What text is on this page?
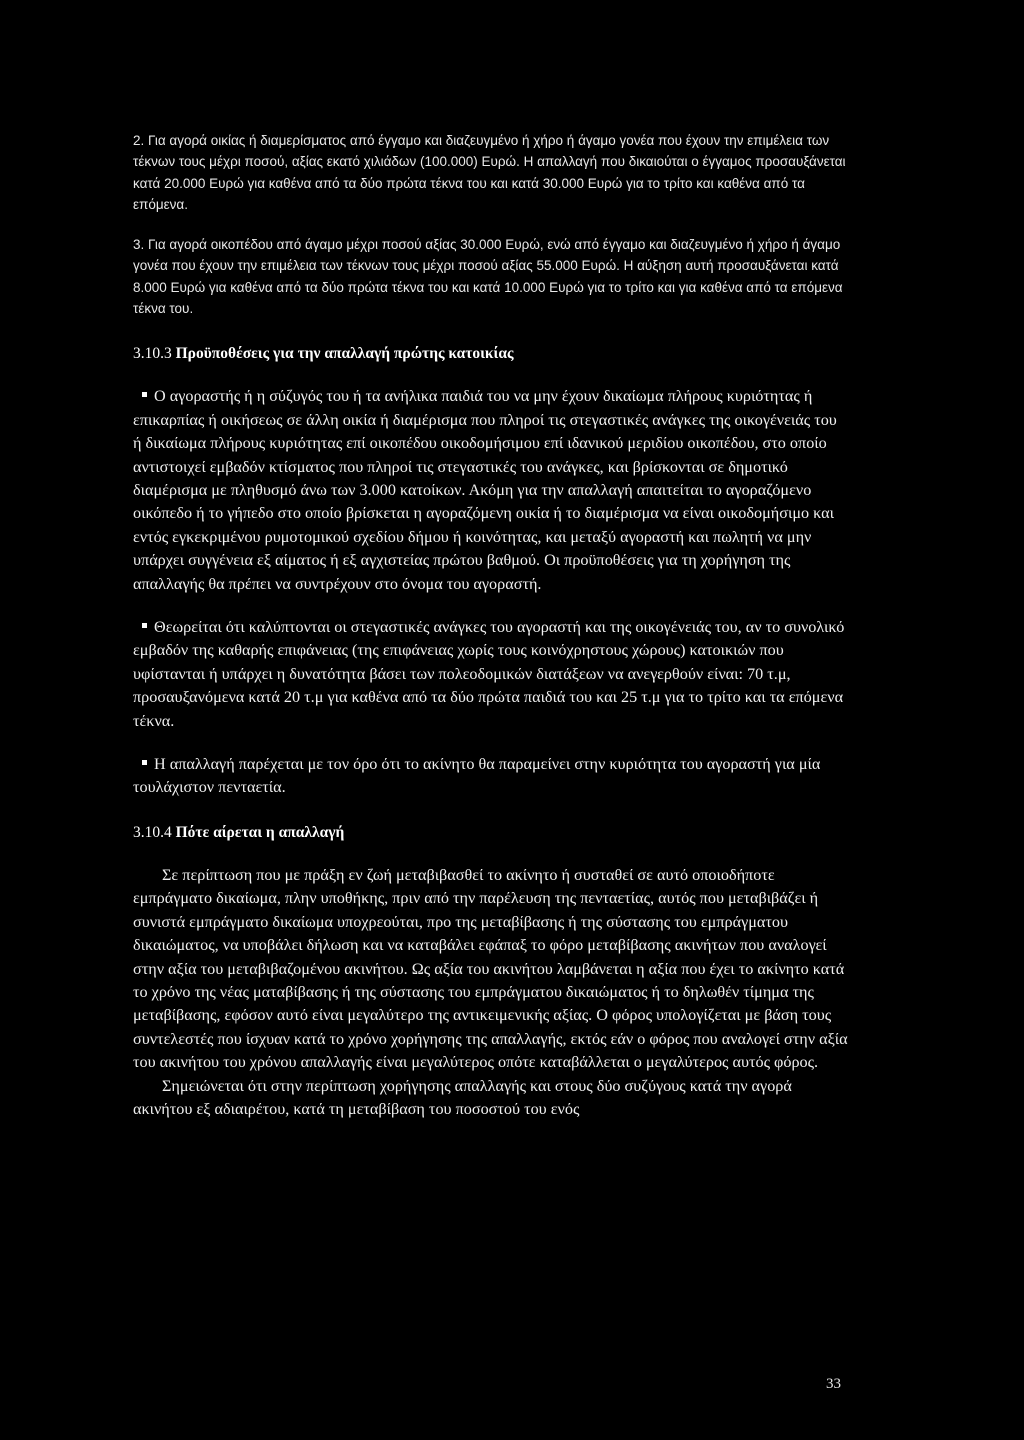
2. Για αγορά οικίας ή διαμερίσματος από έγγαμο και διαζευγμένο ή χήρο ή άγαμο γονέα που έχουν την επιμέλεια των τέκνων τους μέχρι ποσού, αξίας εκατό χιλιάδων (100.000) Ευρώ. Η απαλλαγή που δικαιούται ο έγγαμος προσαυξάνεται κατά 20.000 Ευρώ για καθένα από τα δύο πρώτα τέκνα του και κατά 30.000 Ευρώ για το τρίτο και καθένα από τα επόμενα.

3. Για αγορά οικοπέδου από άγαμο μέχρι ποσού αξίας 30.000 Ευρώ, ενώ από έγγαμο και διαζευγμένο ή χήρο ή άγαμο γονέα που έχουν την επιμέλεια των τέκνων τους μέχρι ποσού αξίας 55.000 Ευρώ. Η αύξηση αυτή προσαυξάνεται κατά 8.000 Ευρώ για καθένα από τα δύο πρώτα τέκνα του και κατά 10.000 Ευρώ για το τρίτο και για καθένα από τα επόμενα τέκνα του.

3.10.3 Προϋποθέσεις για την απαλλαγή πρώτης κατοικίας

Ο αγοραστής ή η σύζυγός του ή τα ανήλικα παιδιά του να μην έχουν δικαίωμα πλήρους κυριότητας ή επικαρπίας ή οικήσεως σε άλλη οικία ή διαμέρισμα που πληροί τις στεγαστικές ανάγκες της οικογένειάς του ή δικαίωμα πλήρους κυριότητας επί οικοπέδου οικοδομήσιμου επί ιδανικού μεριδίου οικοπέδου, στο οποίο αντιστοιχεί εμβαδόν κτίσματος που πληροί τις στεγαστικές του ανάγκες, και βρίσκονται σε δημοτικό διαμέρισμα με πληθυσμό άνω των 3.000 κατοίκων. Ακόμη για την απαλλαγή απαιτείται το αγοραζόμενο οικόπεδο ή το γήπεδο στο οποίο βρίσκεται η αγοραζόμενη οικία ή το διαμέρισμα να είναι οικοδομήσιμο και εντός εγκεκριμένου ρυμοτομικού σχεδίου δήμου ή κοινότητας, και μεταξύ αγοραστή και πωλητή να μην υπάρχει συγγένεια εξ αίματος ή εξ αγχιστείας πρώτου βαθμού. Οι προϋποθέσεις για τη χορήγηση της απαλλαγής θα πρέπει να συντρέχουν στο όνομα του αγοραστή.

Θεωρείται ότι καλύπτονται οι στεγαστικές ανάγκες του αγοραστή και της οικογένειάς του, αν το συνολικό εμβαδόν της καθαρής επιφάνειας (της επιφάνειας χωρίς τους κοινόχρηστους χώρους) κατοικιών που υφίστανται ή υπάρχει η δυνατότητα βάσει των πολεοδομικών διατάξεων να ανεγερθούν είναι: 70 τ.μ, προσαυξανόμενα κατά 20 τ.μ για καθένα από τα δύο πρώτα παιδιά του και 25 τ.μ για το τρίτο και τα επόμενα τέκνα.

Η απαλλαγή παρέχεται με τον όρο ότι το ακίνητο θα παραμείνει στην κυριότητα του αγοραστή για μία τουλάχιστον πενταετία.

3.10.4 Πότε αίρεται η απαλλαγή

Σε περίπτωση που με πράξη εν ζωή μεταβιβασθεί το ακίνητο ή συσταθεί σε αυτό οποιοδήποτε εμπράγματο δικαίωμα, πλην υποθήκης, πριν από την παρέλευση της πενταετίας, αυτός που μεταβιβάζει ή συνιστά εμπράγματο δικαίωμα υποχρεούται, προ της μεταβίβασης ή της σύστασης του εμπράγματου δικαιώματος, να υποβάλει δήλωση και να καταβάλει εφάπαξ το φόρο μεταβίβασης ακινήτων που αναλογεί στην αξία του μεταβιβαζομένου ακινήτου. Ως αξία του ακινήτου λαμβάνεται η αξία που έχει το ακίνητο κατά το χρόνο της νέας ματαβίβασης ή της σύστασης του εμπράγματου δικαιώματος ή το δηλωθέν τίμημα της μεταβίβασης, εφόσον αυτό είναι μεγαλύτερο της αντικειμενικής αξίας. Ο φόρος υπολογίζεται με βάση τους συντελεστές που ίσχυαν κατά το χρόνο χορήγησης της απαλλαγής, εκτός εάν ο φόρος που αναλογεί στην αξία του ακινήτου του χρόνου απαλλαγής είναι μεγαλύτερος οπότε καταβάλλεται ο μεγαλύτερος αυτός φόρος.

Σημειώνεται ότι στην περίπτωση χορήγησης απαλλαγής και στους δύο συζύγους κατά την αγορά ακινήτου εξ αδιαιρέτου, κατά τη μεταβίβαση του ποσοστού του ενός

33
